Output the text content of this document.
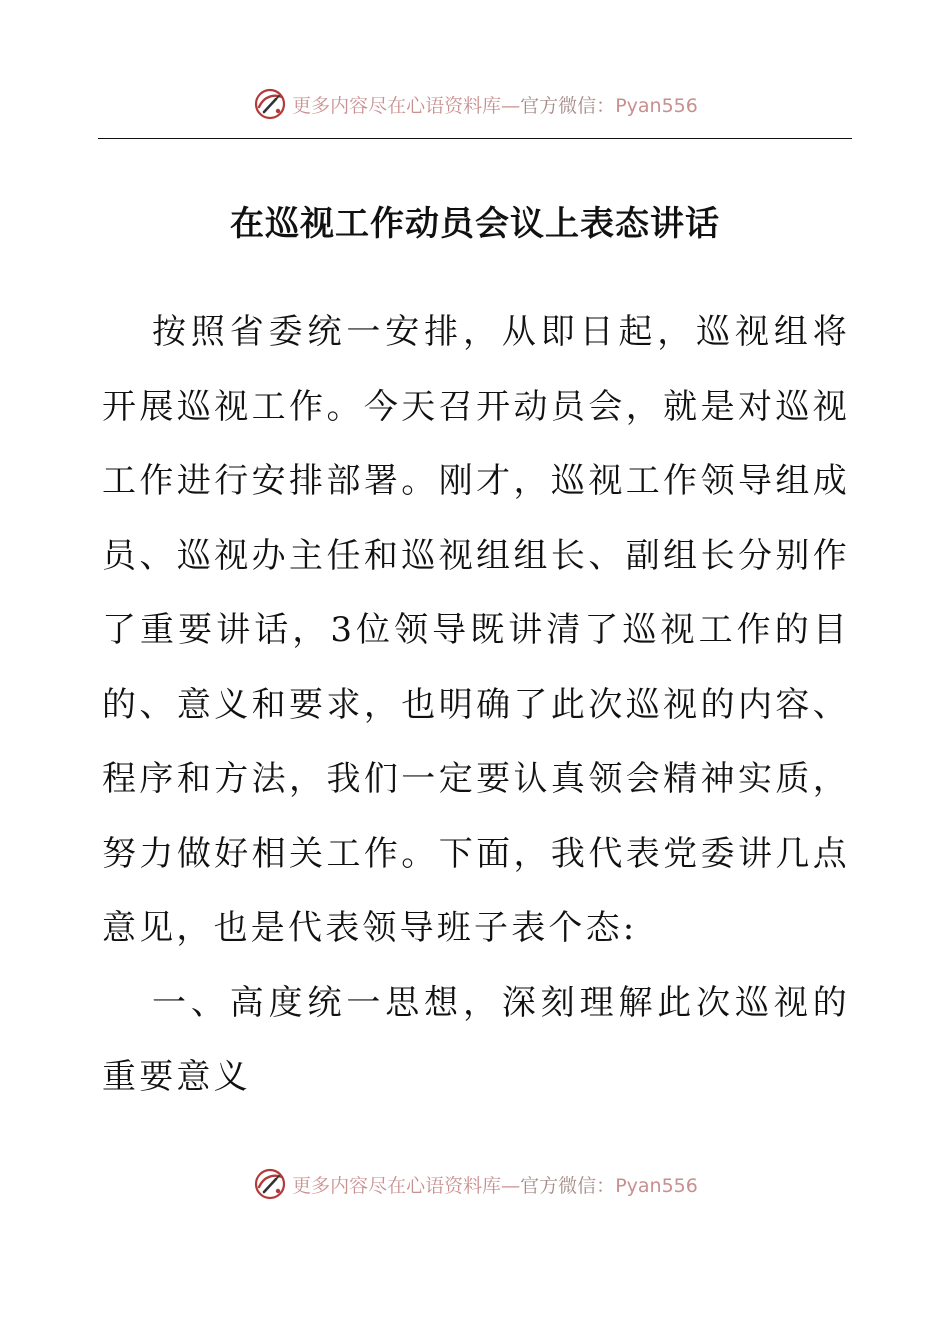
更多内容尽在心语资料库—官方微信：Pyan556
在巡视工作动员会议上表态讲话

按照省委统一安排，从即日起，巡视组将开展巡视工作。今天召开动员会，就是对巡视工作进行安排部署。刚才，巡视工作领导组成员、巡视办主任和巡视组组长、副组长分别作了重要讲话，3位领导既讲清了巡视工作的目的、意义和要求，也明确了此次巡视的内容、程序和方法，我们一定要认真领会精神实质，努力做好相关工作。下面，我代表党委讲几点意见，也是代表领导班子表个态:

一、高度统一思想，深刻理解此次巡视的重要意义

更多内容尽在心语资料库—官方微信：Pyan556
